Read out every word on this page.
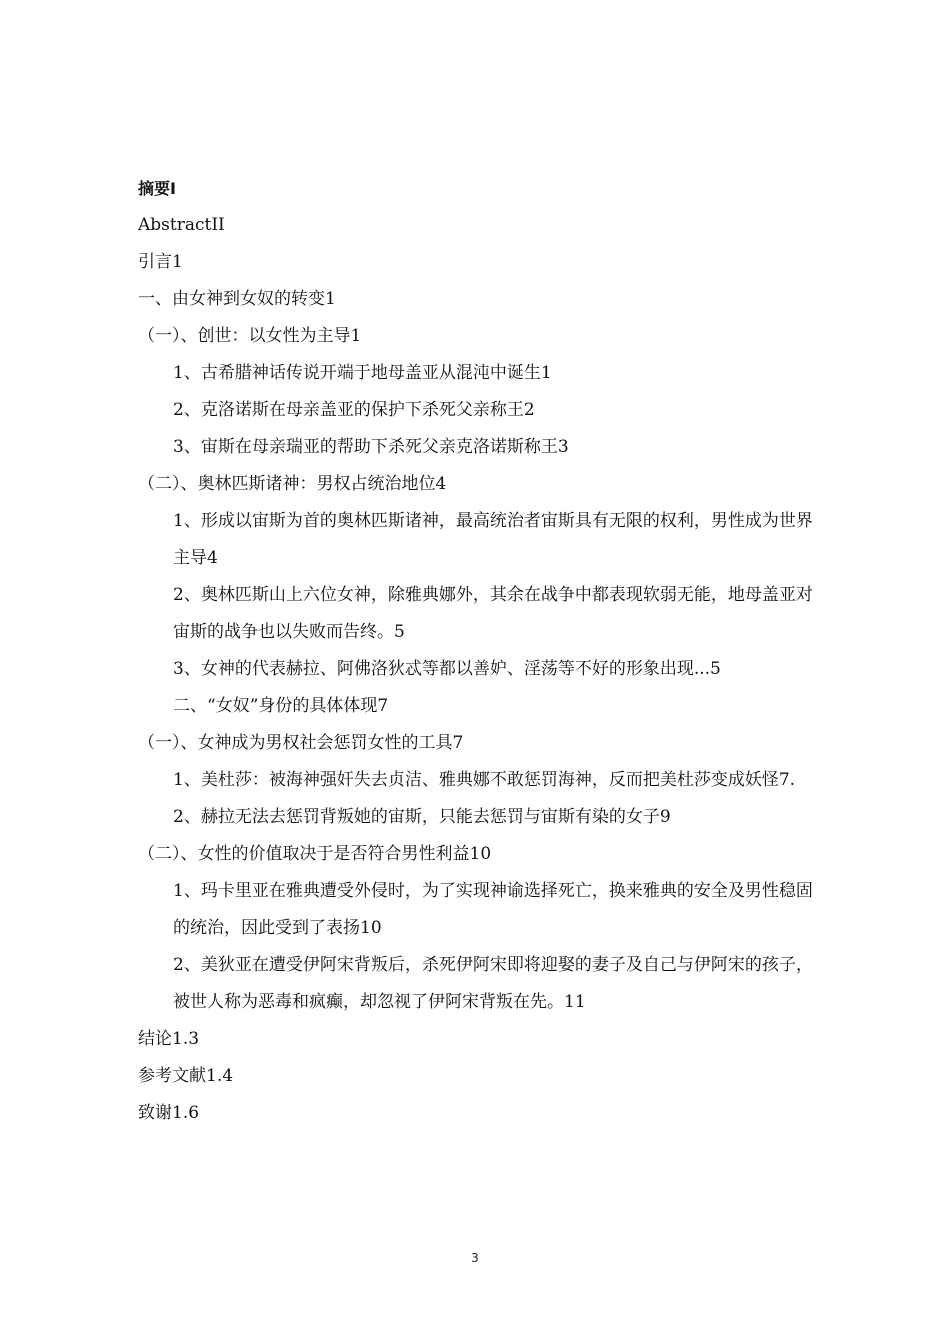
摘要I
AbstractII
引言1
一、由女神到女奴的转变1
（一）、创世：以女性为主导1
1、古希腊神话传说开端于地母盖亚从混沌中诞生1
2、克洛诺斯在母亲盖亚的保护下杀死父亲称王2
3、宙斯在母亲瑞亚的帮助下杀死父亲克洛诺斯称王3
（二）、奥林匹斯诸神：男权占统治地位4
1、形成以宙斯为首的奥林匹斯诸神，最高统治者宙斯具有无限的权利，男性成为世界主导4
2、奥林匹斯山上六位女神，除雅典娜外，其余在战争中都表现软弱无能，地母盖亚对宙斯的战争也以失败而告终。5
3、女神的代表赫拉、阿佛洛狄忒等都以善妒、淫荡等不好的形象出现...5
二、“女奴”身份的具体体现7
（一）、女神成为男权社会惩罚女性的工具7
1、美杜莎：被海神强奸失去贞洁、雅典娜不敢惩罚海神，反而把美杜莎变成妖怪7.
2、赫拉无法去惩罚背叛她的宙斯，只能去惩罚与宙斯有染的女子9
（二）、女性的价值取决于是否符合男性利益10
1、玛卡里亚在雅典遭受外侵时，为了实现神谕选择死亡，换来雅典的安全及男性稳固的统治，因此受到了表扬10
2、美狄亚在遭受伊阿宋背叛后，杀死伊阿宋即将迎娶的妻子及自己与伊阿宋的孩子，被世人称为恶毒和疯癫，却忽视了伊阿宋背叛在先。11
结论1.3
参考文献1.4
致谢1.6
3
